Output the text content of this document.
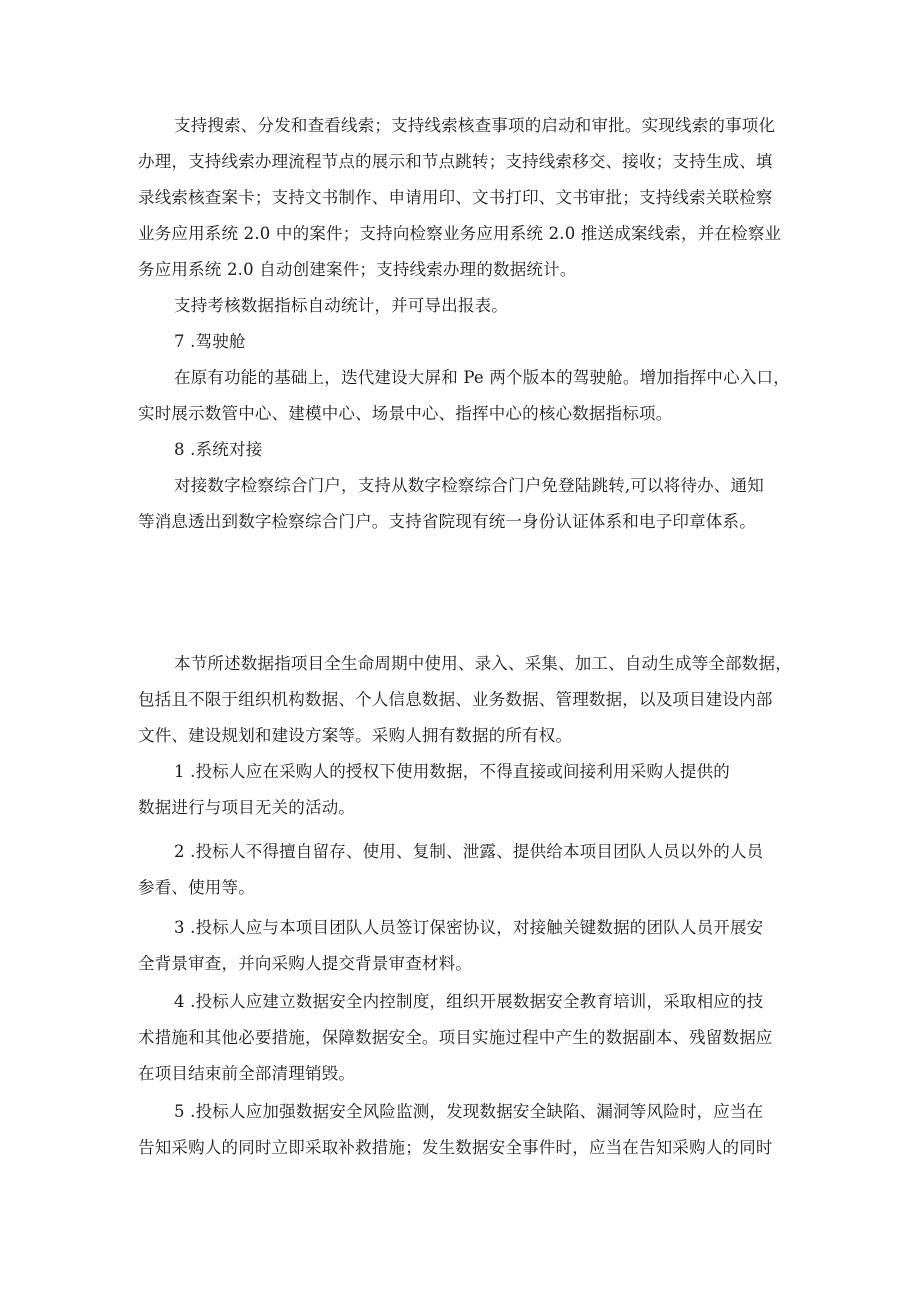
支持搜索、分发和查看线索；支持线索核查事项的启动和审批。实现线索的事项化
办理，支持线索办理流程节点的展示和节点跳转；支持线索移交、接收；支持生成、填
录线索核查案卡；支持文书制作、申请用印、文书打印、文书审批；支持线索关联检察
业务应用系统 2.0 中的案件；支持向检察业务应用系统 2.0 推送成案线索，并在检察业
务应用系统 2.0 自动创建案件；支持线索办理的数据统计。
支持考核数据指标自动统计，并可导出报表。
7 .驾驶舱
在原有功能的基础上，迭代建设大屏和 Pe 两个版本的驾驶舱。增加指挥中心入口，
实时展示数管中心、建模中心、场景中心、指挥中心的核心数据指标项。
8 .系统对接
对接数字检察综合门户，支持从数字检察综合门户免登陆跳转,可以将待办、通知
等消息透出到数字检察综合门户。支持省院现有统一身份认证体系和电子印章体系。
本节所述数据指项目全生命周期中使用、录入、采集、加工、自动生成等全部数据，
包括且不限于组织机构数据、个人信息数据、业务数据、管理数据，以及项目建设内部
文件、建设规划和建设方案等。采购人拥有数据的所有权。
1 .投标人应在采购人的授权下使用数据，不得直接或间接利用采购人提供的
数据进行与项目无关的活动。
2 .投标人不得擅自留存、使用、复制、泄露、提供给本项目团队人员以外的人员
参看、使用等。
3 .投标人应与本项目团队人员签订保密协议，对接触关键数据的团队人员开展安
全背景审查，并向采购人提交背景审查材料。
4 .投标人应建立数据安全内控制度，组织开展数据安全教育培训，采取相应的技
术措施和其他必要措施，保障数据安全。项目实施过程中产生的数据副本、残留数据应
在项目结束前全部清理销毁。
5 .投标人应加强数据安全风险监测，发现数据安全缺陷、漏洞等风险时，应当在
告知采购人的同时立即采取补救措施；发生数据安全事件时，应当在告知采购人的同时
